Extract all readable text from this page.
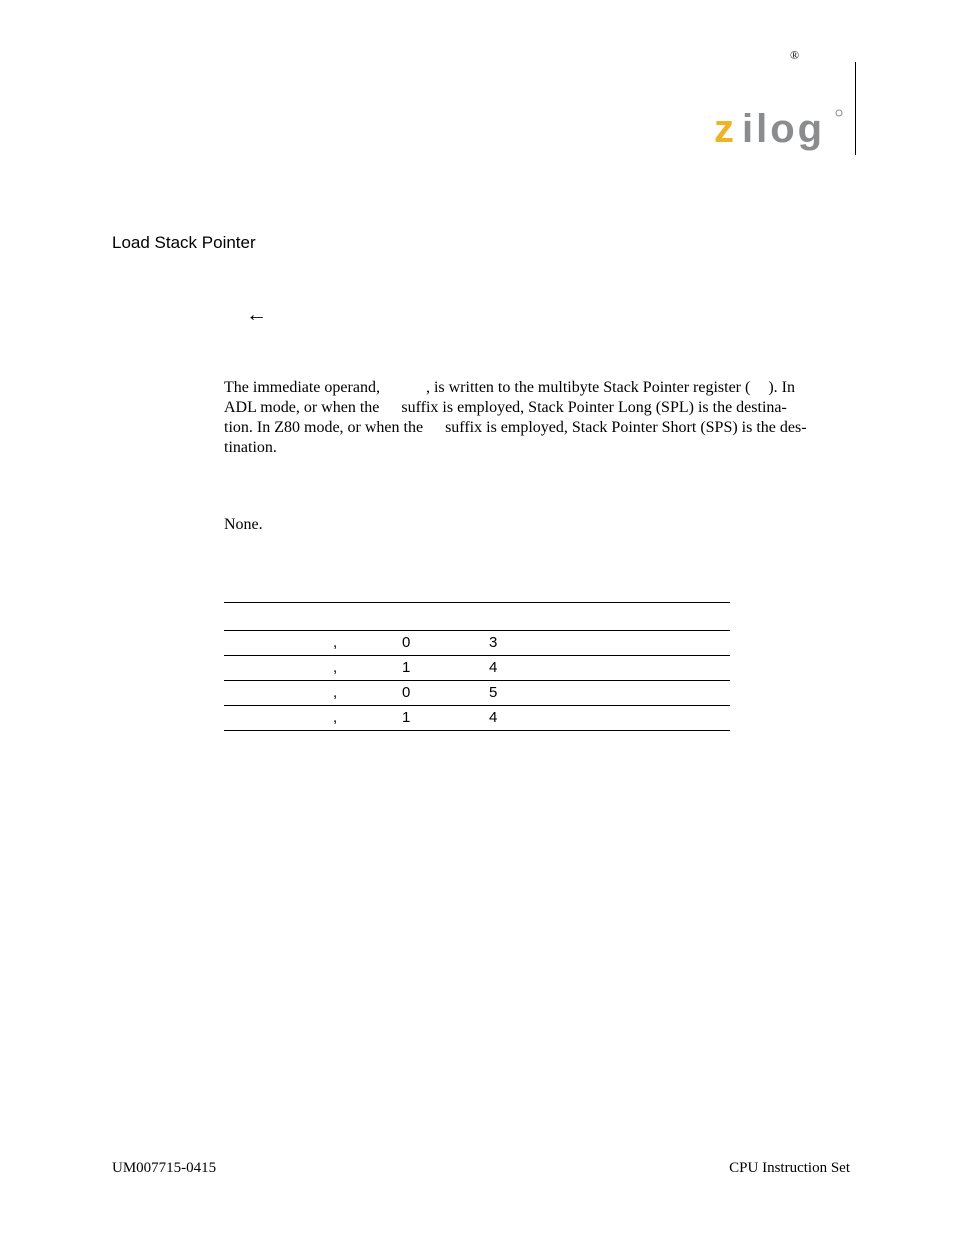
®
z ilog
Load Stack Pointer
←
The immediate operand,	, is written to the multibyte Stack Pointer register ( ). In
ADL mode, or when the suffix is employed, Stack Pointer Long (SPL) is the destina-
tion. In Z80 mode, or when the suffix is employed, Stack Pointer Short (SPS) is the des-
tination.
None.
,	0	3
,	1	4
,	0	5
,	1	4
UM007715-0415	CPU Instruction Set
